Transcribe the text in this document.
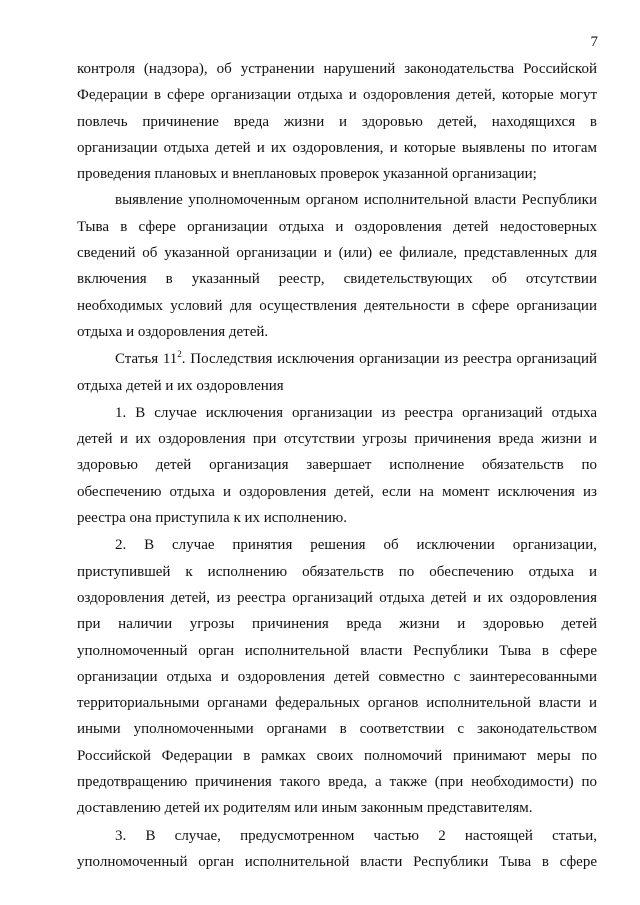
7
контроля (надзора), об устранении нарушений законодательства Российской
Федерации в сфере организации отдыха и оздоровления детей, которые могут
повлечь причинение вреда жизни и здоровью детей, находящихся в
организации отдыха детей и их оздоровления, и которые выявлены по итогам
проведения плановых и внеплановых проверок указанной организации;
выявление уполномоченным органом исполнительной власти Республики
Тыва в сфере организации отдыха и оздоровления детей недостоверных
сведений об указанной организации и (или) ее филиале, представленных для
включения в указанный реестр, свидетельствующих об отсутствии
необходимых условий для осуществления деятельности в сфере организации
отдыха и оздоровления детей.
Статья $11^2$. Последствия исключения организации из реестра организаций
отдыха детей и их оздоровления
1. В случае исключения организации из реестра организаций отдыха
детей и их оздоровления при отсутствии угрозы причинения вреда жизни и
здоровью детей организация завершает исполнение обязательств по
обеспечению отдыха и оздоровления детей, если на момент исключения из
реестра она приступила к их исполнению.
2. В случае принятия решения об исключении организации,
приступившей к исполнению обязательств по обеспечению отдыха и
оздоровления детей, из реестра организаций отдыха детей и их оздоровления
при наличии угрозы причинения вреда жизни и здоровью детей
уполномоченный орган исполнительной власти Республики Тыва в сфере
организации отдыха и оздоровления детей совместно с заинтересованными
территориальными органами федеральных органов исполнительной власти и
иными уполномоченными органами в соответствии с законодательством
Российской Федерации в рамках своих полномочий принимают меры по
предотвращению причинения такого вреда, а также (при необходимости) по
доставлению детей их родителям или иным законным представителям.
3. В случае, предусмотренном частью 2 настоящей статьи,
уполномоченный орган исполнительной власти Республики Тыва в сфере
